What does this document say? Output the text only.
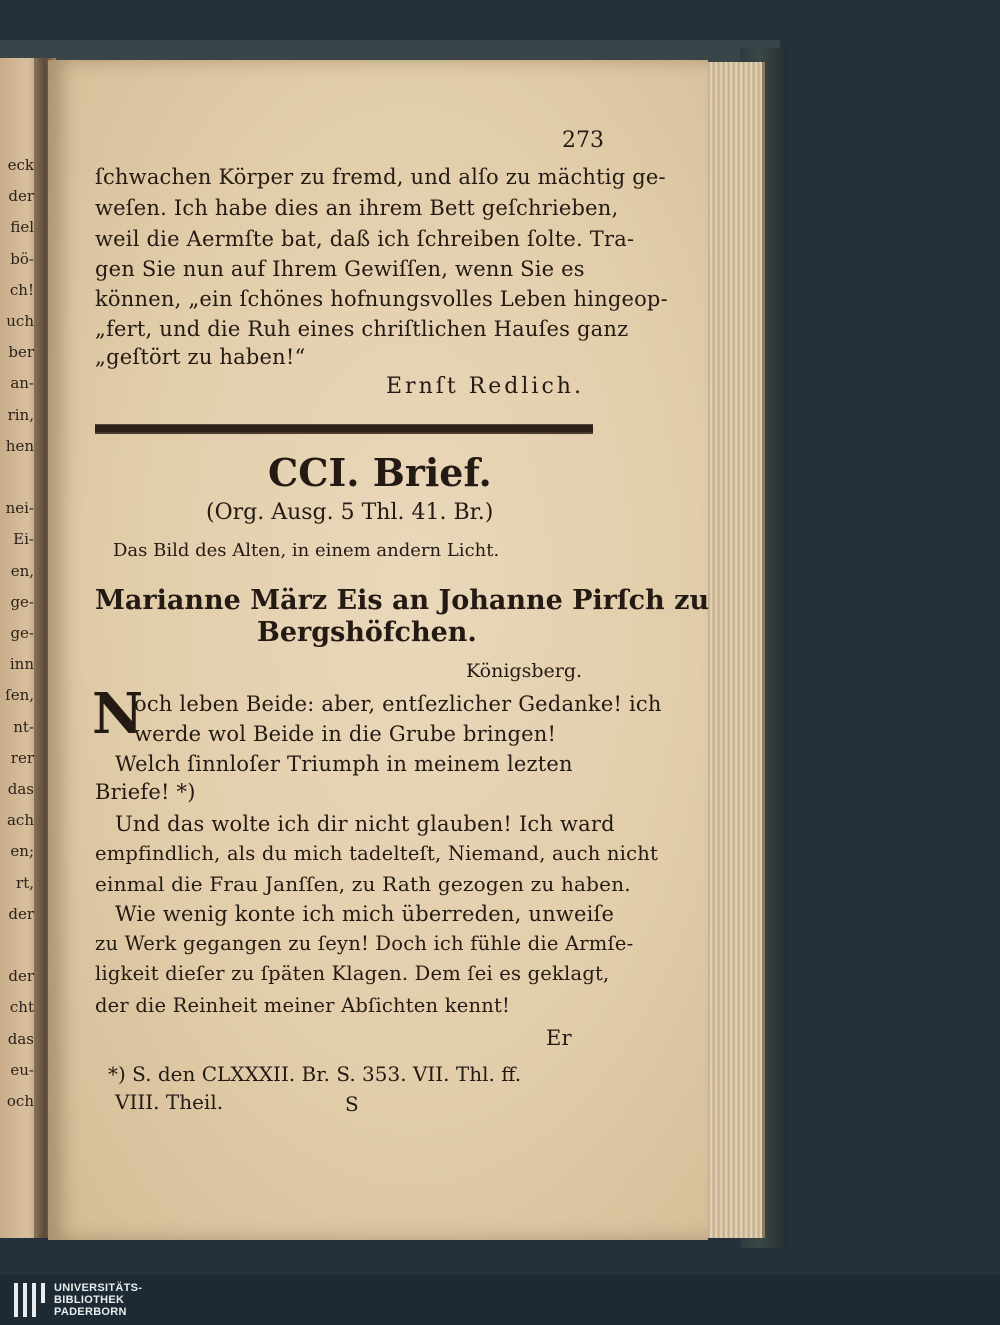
eck
der
fiel
bö-
ch!
uch
ber
an-
rin,
hen

nei-
Ei-
en,
ge-
ge-
inn
ſen,
nt-
rer
das
ach
en;
rt,
der

der
cht
das
eu-
och
273
ſchwachen Körper zu fremd, und alſo zu mächtig ge-
weſen. Ich habe dies an ihrem Bett geſchrieben,
weil die Aermſte bat, daß ich ſchreiben ſolte. Tra-
gen Sie nun auf Ihrem Gewiſſen, wenn Sie es
können, „ein ſchönes hofnungsvolles Leben hingeop-
„fert, und die Ruh eines chriſtlichen Hauſes ganz
„geſtört zu haben!“
Ernſt Redlich.
CCI. Brief.
(Org. Ausg. 5 Thl. 41. Br.)
Das Bild des Alten, in einem andern Licht.
Marianne März Eis an Johanne Pirſch zu
Bergshöfchen.
Königsberg.
N
och leben Beide: aber, entſezlicher Gedanke! ich
werde wol Beide in die Grube bringen!
Welch ſinnloſer Triumph in meinem lezten
Briefe! *)
Und das wolte ich dir nicht glauben! Ich ward
empfindlich, als du mich tadelteſt, Niemand, auch nicht
einmal die Frau Janſſen, zu Rath gezogen zu haben.
Wie wenig konte ich mich überreden, unweiſe
zu Werk gegangen zu ſeyn! Doch ich fühle die Armſe-
ligkeit dieſer zu ſpäten Klagen. Dem ſei es geklagt,
der die Reinheit meiner Abſichten kennt!
Er
*) S. den CLXXXII. Br. S. 353. VII. Thl. ff.
VIII. Theil.	S
UNIVERSITÄTS-
BIBLIOTHEK
PADERBORN
